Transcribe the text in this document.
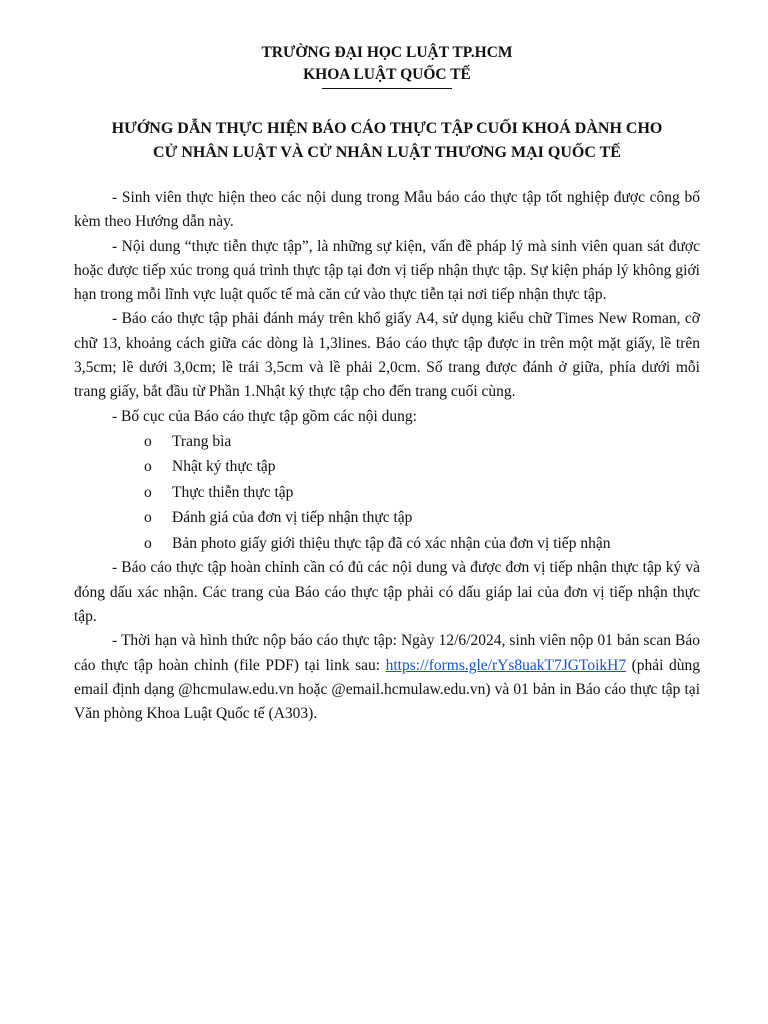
TRƯỜNG ĐẠI HỌC LUẬT TP.HCM
KHOA LUẬT QUỐC TẾ
HƯỚNG DẪN THỰC HIỆN BÁO CÁO THỰC TẬP CUỐI KHOÁ DÀNH CHO
CỬ NHÂN LUẬT VÀ CỬ NHÂN LUẬT THƯƠNG MẠI QUỐC TẾ

- Sinh viên thực hiện theo các nội dung trong Mẫu báo cáo thực tập tốt nghiệp được công bố kèm theo Hướng dẫn này.

- Nội dung “thực tiễn thực tập”, là những sự kiện, vấn đề pháp lý mà sinh viên quan sát được hoặc được tiếp xúc trong quá trình thực tập tại đơn vị tiếp nhận thực tập. Sự kiện pháp lý không giới hạn trong mỗi lĩnh vực luật quốc tế mà căn cứ vào thực tiễn tại nơi tiếp nhận thực tập.

- Báo cáo thực tập phải đánh máy trên khổ giấy A4, sử dụng kiểu chữ Times New Roman, cỡ chữ 13, khoảng cách giữa các dòng là 1,3lines. Báo cáo thực tập được in trên một mặt giấy, lề trên 3,5cm; lề dưới 3,0cm; lề trái 3,5cm và lề phải 2,0cm. Số trang được đánh ở giữa, phía dưới mỗi trang giấy, bắt đầu từ Phần 1.Nhật ký thực tập cho đến trang cuối cùng.

- Bố cục của Báo cáo thực tập gồm các nội dung:

o Trang bìa
o Nhật ký thực tập
o Thực thiễn thực tập
o Đánh giá của đơn vị tiếp nhận thực tập
o Bản photo giấy giới thiệu thực tập đã có xác nhận của đơn vị tiếp nhận

- Báo cáo thực tập hoàn chỉnh cần có đủ các nội dung và được đơn vị tiếp nhận thực tập ký và đóng dấu xác nhận. Các trang của Báo cáo thực tập phải có dấu giáp lai của đơn vị tiếp nhận thực tập.

- Thời hạn và hình thức nộp báo cáo thực tập: Ngày 12/6/2024, sinh viên nộp 01 bản scan Báo cáo thực tập hoàn chỉnh (file PDF) tại link sau: https://forms.gle/rYs8uakT7JGToikH7 (phải dùng email định dạng @hcmulaw.edu.vn hoặc @email.hcmulaw.edu.vn) và 01 bản in Báo cáo thực tập tại Văn phòng Khoa Luật Quốc tế (A303).
